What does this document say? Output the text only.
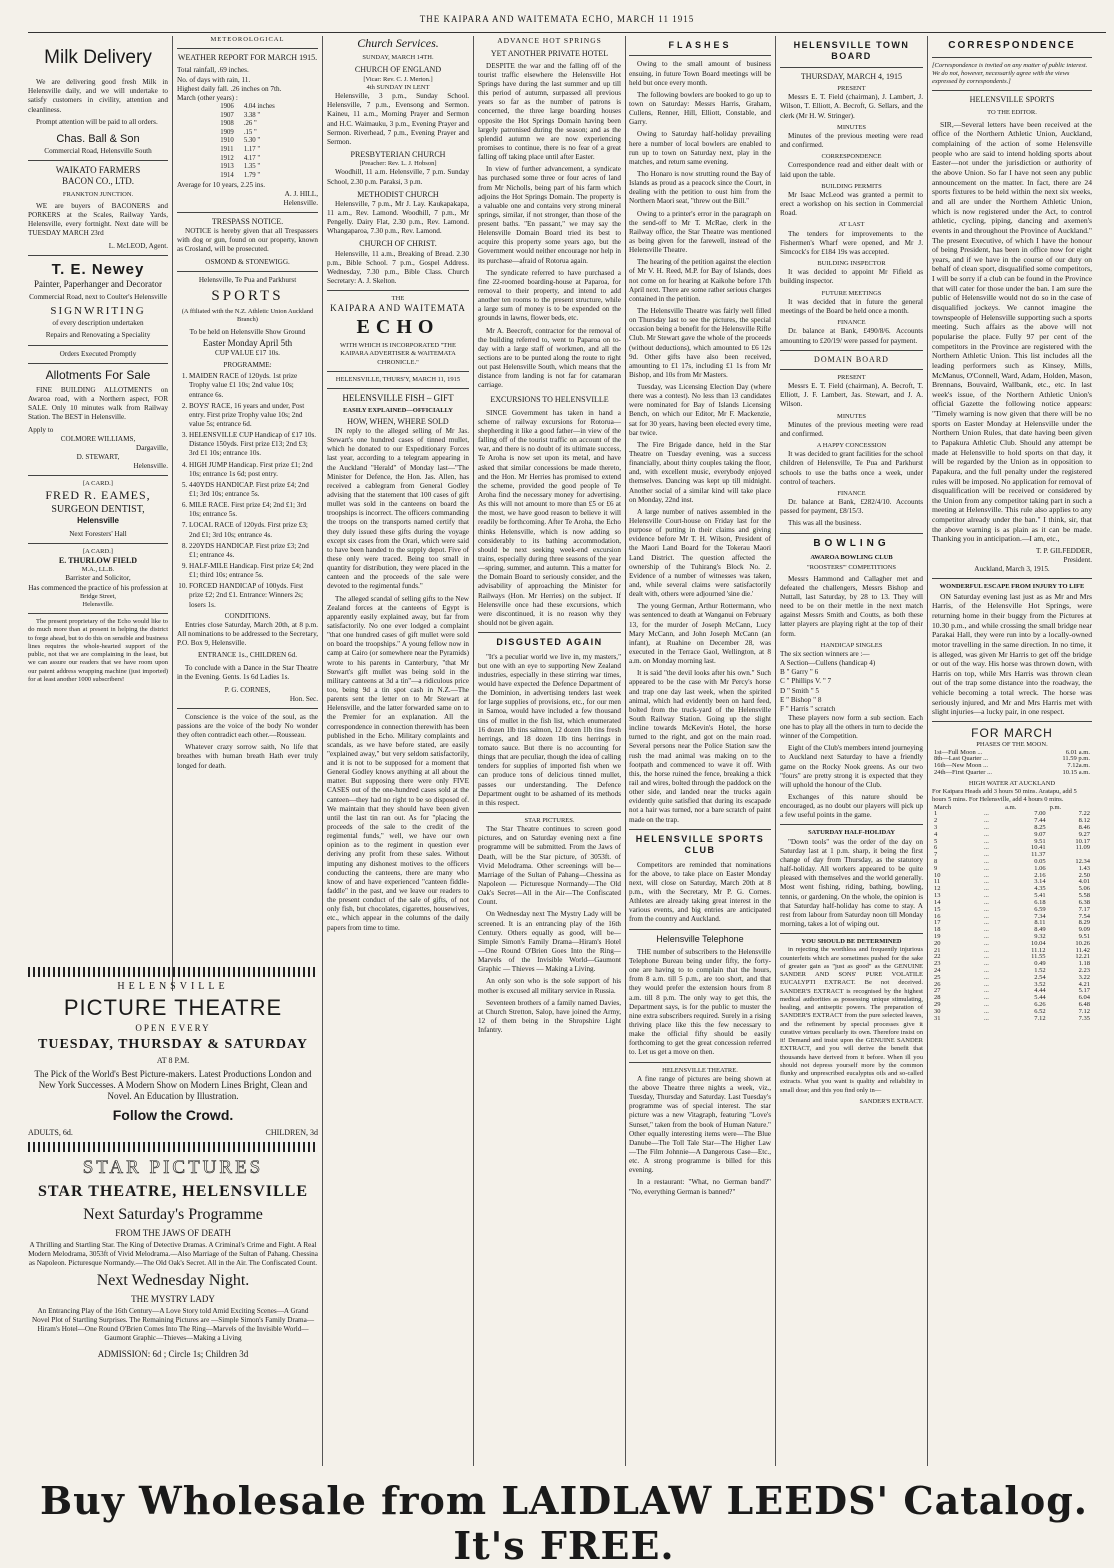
THE KAIPARA AND WAITEMATA ECHO, MARCH 11 1915
Milk Delivery

We are delivering good fresh Milk in Helensville daily, and we will undertake to satisfy customers in civility, attention and cleanliness.

Prompt attention will be paid to all orders.

Chas. Ball & Son
Commercial Road, Helensville South
WAIKATO FARMERS
BACON CO., LTD.
FRANKTON JUNCTION.

WE are buyers of BACONERS and PORKERS at the Scales, Railway Yards, Helensville, every fortnight. Next date will be TUESDAY MARCH 23rd

L. McLEOD, Agent.
T. E. Newey
Painter, Paperhanger and Decorator
Commercial Road, next to Coulter's Helensville
SIGNWRITING
of every description undertaken
Repairs and Renovating a Speciality
Orders Executed Promptly
Allotments For Sale

FINE BUILDING ALLOTMENTS on Awaroa road, with a Northern aspect, FOR SALE. Only 10 minutes walk from Railway Station. The BEST in Helensville.

Apply to
COLMORE WILLIAMS,
Dargaville,
D. STEWART,
Helensville.
[A CARD.]
FRED R. EAMES,
SURGEON DENTIST,
Helensville
Next Foresters' Hall
[A CARD.]
E. THURLOW FIELD
M.A., LL.B.
Barrister and Solicitor,
Has commenced the practice of his profession at
Bridge Street,
Helensville.

The present proprietary of the Echo would like to do much more than at present in helping the district to forge ahead, but to do this on sensible and business lines requires the whole-hearted support of the public, not that we are complaining in the least, but we can assure our readers that we have room upon our patent address wrapping machine (just imported) for at least another 1000 subscribers!

METEOROLOGICAL
WEATHER REPORT FOR MARCH 1915.
Total rainfall, .69 inches.
No. of days with rain, 11.
Highest daily fall. .26 inches on 7th.
March (other years) :
1906	4.04 inches
1907	3.38 "
1908	.26 "
1909	.15 "
1910	5.30 "
1911	1.17 "
1912	4.17 "
1913	1.35 "
1914	1.79 "
Average for 10 years, 2.25 ins.
A. J. HILL,
Helensville.
TRESPASS NOTICE.

NOTICE is hereby given that all Trespassers with dog or gun, found on our property, known as Crosland, will be prosecuted.

OSMOND & STONEWIGG.
Helensville, Te Pua and Parkhurst
SPORTS
(A ffiliated with the N.Z. Athletic Union Auckland Branch)
To be held on Helensville Show Ground
Easter Monday April 5th
CUP VALUE £17 10s.
PROGRAMME:
1. MAIDEN RACE of 120yds. 1st prize Trophy value £1 10s; 2nd value 10s; entrance 6s.
2. BOYS' RACE, 16 years and under, Post entry. First prize Trophy value 10s; 2nd value 5s; entrance 6d.
3. HELENSVILLE CUP Handicap of £17 10s. Distance 150yds. First prize £13; 2nd £3; 3rd £1 10s; entrance 10s.
4. HIGH JUMP Handicap. First prize £1; 2nd 10s; entrance 1s 6d; post entry.
5. 440YDS HANDICAP. First prize £4; 2nd £1; 3rd 10s; entrance 5s.
6. MILE RACE. First prize £4; 2nd £1; 3rd 10s; entrance 5s.
7. LOCAL RACE of 120yds. First prize £3; 2nd £1; 3rd 10s; entrance 4s.
8. 220YDS HANDICAP. First prize £3; 2nd £1; entrance 4s.
9. HALF-MILE Handicap. First prize £4; 2nd £1; third 10s; entrance 5s.
10. FORCED HANDICAP of 100yds. First prize £2; 2nd £1. Entrance: Winners 2s; losers 1s.
CONDITIONS.

Entries close Saturday, March 20th, at 8 p.m. All nominations to be addressed to the Secretary, P.O. Box 9, Helensville.

ENTRANCE 1s., CHILDREN 6d.

To conclude with a Dance in the Star Theatre in the Evening. Gents. 1s 6d Ladies 1s.

P. G. CORNES,
Hon. Sec.

Conscience is the voice of the soul, as the passions are the voice of the body No wonder they often contradict each other.—Rousseau.

Whatever crazy sorrow saith, No life that breathes with human breath Hath ever truly longed for death.

Church Services.
SUNDAY, MARCH 14TH.
CHURCH OF ENGLAND
[Vicar: Rev. C. J. Merton.]
4th SUNDAY IN LENT

Helensville, 3 p.m., Sunday School. Helensville, 7 p.m., Evensong and Sermon. Kaineu, 11 a.m., Morning Prayer and Sermon and H.C. Waimauku, 3 p.m., Evening Prayer and Sermon. Riverhead, 7 p.m., Evening Prayer and Sermon.

PRESBYTERIAN CHURCH
[Preacher: Rev. L. J. Hobson]

Woodhill, 11 a.m. Helensville, 7 p.m. Sunday School, 2.30 p.m. Paraksi, 3 p.m.

METHODIST CHURCH

Helensville, 7 p.m., Mr J. Lay. Kaukapakapa, 11 a.m., Rev. Lamond. Woodhill, 7 p.m., Mr Pengelly. Dairy Flat, 2.30 p.m., Rev. Lamond. Whangaparoa, 7.30 p.m., Rev. Lamond.

CHURCH OF CHRIST.

Helensville, 11 a.m., Breaking of Bread. 2.30 p.m., Bible School. 7 p.m., Gospel Address. Wednesday, 7.30 p.m., Bible Class. Church Secretary: A. J. Skelton.

THE
KAIPARA AND WAITEMATA
ECHO
WITH WHICH IS INCORPORATED "THE KAIPARA ADVERTISER & WAITEMATA CHRONICLE."
HELENSVILLE, THURS'Y, MARCH 11, 1915
HELENSVILLE FISH – GIFT
EASILY EXPLAINED—OFFICIALLY
HOW, WHEN, WHERE SOLD

IN reply to the alleged selling of Mr Jas. Stewart's one hundred cases of tinned mullet, which he donated to our Expeditionary Forces last year, according to a telegram appearing in the Auckland "Herald" of Monday last—"The Minister for Defence, the Hon. Jas. Allen, has received a cablegram from General Godley advising that the statement that 100 cases of gift mullet was sold in the canteens on board the troopships is incorrect. The officers commanding the troops on the transports named certify that they duly issued these gifts during the voyage except six cases from the Orari, which were said to have been handed to the supply depot. Five of these only were traced. Being too small in quantity for distribution, they were placed in the canteen and the proceeds of the sale were devoted to the regimental funds."

The alleged scandal of selling gifts to the New Zealand forces at the canteens of Egypt is apparently easily explained away, but far from satisfactorily. No one ever lodged a complaint "that one hundred cases of gift mullet were sold on board the troopships." A young fellow now in camp at Cairo (or somewhere near the Pyramids) wrote to his parents in Canterbury, "that Mr Stewart's gift mullet was being sold in the military canteens at 3d a tin"—a ridiculous price too, being 9d a tin spot cash in N.Z.—The parents sent the letter on to Mr Stewart at Helensville, and the latter forwarded same on to the Premier for an explanation. All the correspondence in connection therewith has been published in the Echo. Military complaints and scandals, as we have before stated, are easily "explained away," but very seldom satisfactorily, and it is not to be supposed for a moment that General Godley knows anything at all about the matter. But supposing there were only FIVE CASES out of the one-hundred cases sold at the canteen—they had no right to be so disposed of. We maintain that they should have been given until the last tin ran out. As for "placing the proceeds of the sale to the credit of the regimental funds," well, we have our own opinion as to the regiment in question ever deriving any profit from these sales. Without imputing any dishonest motives to the officers conducting the canteens, there are many who know of and have experienced "canteen fiddle-faddle" in the past, and we leave our readers to the present conduct of the sale of gifts, of not only fish, but chocolates, cigarettes, housewives, etc., which appear in the columns of the daily papers from time to time.

ADVANCE HOT SPRINGS
YET ANOTHER PRIVATE HOTEL

DESPITE the war and the falling off of the tourist traffic elsewhere the Helensville Hot Springs have during the last summer and up till this period of autumn, surpassed all previous years so far as the number of patrons is concerned, the three large boarding houses opposite the Hot Springs Domain having been largely patronised during the season; and as the splendid autumn we are now experiencing promises to continue, there is no fear of a great falling off taking place until after Easter.

In view of further advancement, a syndicate has purchased some three or four acres of land from Mr Nicholls, being part of his farm which adjoins the Hot Springs Domain. The property is a valuable one and contains very strong mineral springs, similar, if not stronger, than those of the present baths. "En passant," we may say the Helensville Domain Board tried its best to acquire this property some years ago, but the Government would neither encourage nor help in its purchase—afraid of Rotorua again.

The syndicate referred to have purchased a fine 22-roomed boarding-house at Paparoa, for removal to their property, and intend to add another ten rooms to the present structure, while a large sum of money is to be expended on the grounds in lawns, flower beds, etc.

Mr A. Beecroft, contractor for the removal of the building referred to, went to Paparoa on to-day with a large staff of workmen, and all the sections are to be punted along the route to right out past Helensville South, which means that the distance from landing is not far for catamaran carriage.

EXCURSIONS TO HELENSVILLE

SINCE Government has taken in hand a scheme of railway excursions for Rotorua—shepherding it like a good father—in view of the falling off of the tourist traffic on account of the war, and there is no doubt of its ultimate success, Te Aroha is now set upon its metal, and have asked that similar concessions be made thereto, and the Hon. Mr Herries has promised to extend the scheme, provided the good people of Te Aroha find the necessary money for advertising. As this will not amount to more than £5 or £6 at the most, we have good reason to believe it will readily be forthcoming. After Te Aroha, the Echo thinks Helensville, which is now adding so considerably to its bathing accommodation, should be next seeking week-end excursion trains, especially during three seasons of the year—spring, summer, and autumn. This a matter for the Domain Board to seriously consider, and the advisability of approaching the Minister for Railways (Hon. Mr Herries) on the subject. If Helensville once had these excursions, which were discontinued, it is no reason why they should not be given again.

DISGUSTED AGAIN

"It's a peculiar world we live in, my masters," but one with an eye to supporting New Zealand industries, especially in these stirring war times, would have expected the Defence Department of the Dominion, in advertising tenders last week for large supplies of provisions, etc., for our men in Samoa, would have included a few thousand tins of mullet in the fish list, which enumerated 16 dozen 1lb tins salmon, 12 dozen 1lb tins fresh herrings, and 18 dozen 1lb tins herrings in tomato sauce. But there is no accounting for things that are peculiar, though the idea of calling tenders for supplies of imported fish when we can produce tons of delicious tinned mullet, passes our understanding. The Defence Department ought to be ashamed of its methods in this respect.

STAR PICTURES.

The Star Theatre continues to screen good pictures, and on Saturday evening next a fine programme will be submitted. From the Jaws of Death, will be the Star picture, of 3053ft. of Vivid Melodrama. Other screenings will be—Marriage of the Sultan of Pahang—Chessina as Napoleon — Picturesque Normandy—The Old Oak's Secret—All in the Air—The Confiscated Count.

On Wednesday next The Mystry Lady will be screened. It is an entrancing play of the 16th Century. Others equally as good, will be—Simple Simon's Family Drama—Hiram's Hotel—One Round O'Brien Goes Into the Ring—Marvels of the Invisible World—Gaumont Graphic — Thieves — Making a Living.

An only son who is the sole support of his mother is excused all military service in Russia.

Seventeen brothers of a family named Davies, at Church Stretton, Salop, have joined the Army, 12 of them being in the Shropshire Light Infantry.

FLASHES

Owing to the small amount of business ensuing, in future Town Board meetings will be held but once every month.

The following bowlers are booked to go up to town on Saturday: Messrs Harris, Graham, Cullens, Renner, Hill, Elliott, Constable, and Garry.

Owing to Saturday half-holiday prevailing here a number of local bowlers are enabled to run up to town on Saturday next, play in the matches, and return same evening.

Tho Honaro is now strutting round the Bay of Islands as proud as a peacock since the Court, in dealing with the petition to oust him from the Northern Maori seat, "threw out the Bill."

Owing to a printer's error in the paragraph on the send-off to Mr T. McRae, clerk in the Railway office, the Star Theatre was mentioned as being given for the farewell, instead of the Helensville Theatre.

The hearing of the petition against the election of Mr V. H. Reed, M.P. for Bay of Islands, does not come on for hearing at Kaikohe before 17th April next. There are some rather serious charges contained in the petition.

The Helensville Theatre was fairly well filled on Thursday last to see the pictures, the special occasion being a benefit for the Helensville Rifle Club. Mr Stewart gave the whole of the proceeds (without deductions), which amounted to £6 12s 9d. Other gifts have also been received, amounting to £1 17s, including £1 1s from Mr Bishop, and 10s from Mr Masters.

Tuesday, was Licensing Election Day (where there was a contest). No less than 13 candidates were nominated for Bay of Islands Licensing Bench, on which our Editor, Mr F. Mackenzie, sat for 30 years, having been elected every time, bar twice.

The Fire Brigade dance, held in the Star Theatre on Tuesday evening, was a success financially, about thirty couples taking the floor, and, with excellent music, everybody enjoyed themselves. Dancing was kept up till midnight. Another social of a similar kind will take place on Monday, 22nd inst.

A large number of natives assembled in the Helensville Court-house on Friday last for the purpose of putting in their claims and giving evidence before Mr T. H. Wilson, President of the Maori Land Board for the Tokerau Maori Land District. The question affected the ownership of the Tuhirang's Block No. 2. Evidence of a number of witnesses was taken, and, while several claims were satisfactorily dealt with, others were adjourned 'sine die.'

The young German, Arthur Rottermann, who was sentenced to death at Wanganui on February 13, for the murder of Joseph McCann, Lucy Mary McCann, and John Joseph McCann (an infant), at Ruahine on December 28, was executed in the Terrace Gaol, Wellington, at 8 a.m. on Monday morning last.

It is said "the devil looks after his own." Such appeared to be the case with Mr Percy's horse and trap one day last week, when the spirited animal, which had evidently been on hard feed, bolted from the truck-yard of the Helensville South Railway Station. Going up the slight incline towards McKevin's Hotel, the horse turned to the right, and got on the main road. Several persons near the Police Station saw the rush the mad animal was making on to the footpath and commenced to wave it off. With this, the horse ruined the fence, breaking a thick rail and wires, bolted through the paddock on the other side, and landed near the trucks again evidently quite satisfied that during its escapade not a hair was turned, nor a bare scratch of paint made on the trap.

HELENSVILLE SPORTS CLUB

Competitors are reminded that nominations for the above, to take place on Easter Monday next, will close on Saturday, March 20th at 8 p.m., with the Secretary, Mr P. G. Cornes. Athletes are already taking great interest in the various events, and big entries are anticipated from the country and Auckland.

Helensville Telephone

THE number of subscribers to the Helensville Telephone Bureau being under fifty, the forty-one are having to to complain that the hours, from 8 a.m. till 5 p.m., are too short, and that they would prefer the extension hours from 8 a.m. till 8 p.m. The only way to get this, the Department says, is for the public to muster the nine extra subscribers required. Surely in a rising thriving place like this the few necessary to make the official fifty should be easily forthcoming to get the great concession referred to. Let us get a move on then.

HELENSVILLE THEATRE.

A fine range of pictures are being shown at the above Theatre three nights a week, viz., Tuesday, Thursday and Saturday. Last Tuesday's programme was of special interest. The star picture was a new Vitagraph, featuring "Love's Sunset," taken from the book of Human Nature." Other equally interesting items were—The Blue Danube—The Toll Tale Star—The Higher Law—The Film Johnnie—A Dangerous Case—Etc., etc. A strong programme is billed for this evening.

In a restaurant: "What, no German band?" "No, everything German is banned?"

HELENSVILLE TOWN BOARD
THURSDAY, MARCH 4, 1915
PRESENT

Messrs E. T. Field (chairman), J. Lambert, J. Wilson, T. Elliott, A. Becroft, G. Sellars, and the clerk (Mr H. W. Stringer).

MINUTES

Minutes of the previous meeting were read and confirmed.

CORRESPONDENCE

Correspondence read and either dealt with or laid upon the table.

BUILDING PERMITS

Mr Isaac McLeod was granted a permit to erect a workshop on his section in Commercial Road.

AT LAST

The tenders for improvements to the Fishermen's Wharf were opened, and Mr J. Simcock's for £184 19s was accepted.

BUILDING INSPECTOR

It was decided to appoint Mr Fifield as building inspector.

FUTURE MEETINGS

It was decided that in future the general meetings of the Board be held once a month.

FINANCE

Dr. balance at Bank, £490/8/6. Accounts amounting to £20/19/ were passed for payment.

DOMAIN BOARD
PRESENT

Messrs E. T. Field (chairman), A. Becroft, T. Elliott, J. F. Lambert, Jas. Stewart, and J. A. Wilson.

MINUTES

Minutes of the previous meeting were read and confirmed.

A HAPPY CONCESSION

It was decided to grant facilities for the school children of Helensville, Te Pua and Parkhurst schools to use the baths once a week, under control of teachers.

FINANCE

Dr. balance at Bank, £282/4/10. Accounts passed for payment, £8/15/3.

This was all the business.

BOWLING
AWAROA BOWLING CLUB
"ROOSTERS'" COMPETITIONS

Messrs Hammond and Callagher met and defeated the challengers, Messrs Bishop and Nuttall, last Saturday, by 28 to 13. They will need to be on their mettle in the next match against Messrs Smith and Coutts, as both these latter players are playing right at the top of their form.

HANDICAP SINGLES
The six section winners are :—
A Section—Cullens (handicap 4)
B " Garry " 6
C " Phillips V. " 7
D " Smith " 5
E " Bishop " 8
F " Harris " scratch

These players now form a sub section. Each one has to play all the others in turn to decide the winner of the Competition.

Eight of the Club's members intend journeying to Auckland next Saturday to have a friendly game on the Rocky Nook greens. As our two "fours" are pretty strong it is expected that they will uphold the honour of the Club.

Exchanges of this nature should be encouraged, as no doubt our players will pick up a few useful points in the game.

SATURDAY HALF-HOLIDAY

"Down tools" was the order of the day on Saturday last at 1 p.m. sharp, it being the first change of day from Thursday, as the statutory half-holiday. All workers appeared to be quite pleased with themselves and the world generally. Most went fishing, riding, bathing, bowling, tennis, or gardening. On the whole, the opinion is that Saturday half-holiday has come to stay. A rest from labour from Saturday noon till Monday morning, takes a lot of wiping out.

YOU SHOULD BE DETERMINED

in rejecting the worthless and frequently injurious counterfeits which are sometimes pushed for the sake of greater gain as "just as good" as the GENUINE SANDER AND SONS' PURE VOLATILE EUCALYPTI EXTRACT. Be not deceived. SANDER'S EXTRACT is recognised by the highest medical authorities as possessing unique stimulating, healing, and antiseptic powers. The preparation of SANDER'S EXTRACT from the pure selected leaves, and the refinement by special processes give it curative virtues peculiarly its own. Therefore insist on it! Demand and insist upon the GENUINE SANDER EXTRACT, and you will derive the benefit that thousands have derived from it before. When ill you should not depress yourself more by the common flunky and unprescribed eucalyptus oils and so-called extracts. What you want is quality and reliability in small dose; and this you find only in—

SANDER'S EXTRACT.
CORRESPONDENCE
[Correspondence is invited on any matter of public interest. We do not, however, necessarily agree with the views expressed by correspondents.]
HELENSVILLE SPORTS
TO THE EDITOR.

SIR,—Several letters have been received at the office of the Northern Athletic Union, Auckland, complaining of the action of some Helensville people who are said to intend holding sports about Easter—not under the jurisdiction or authority of the above Union. So far I have not seen any public announcement on the matter. In fact, there are 24 sports fixtures to be held within the next six weeks, and all are under the Northern Athletic Union, which is now registered under the Act, to control athletic, cycling, piping, dancing and axemen's events in and throughout the Province of Auckland." The present Executive, of which I have the honour of being President, has been in office now for eight years, and if we have in the course of our duty on behalf of clean sport, disqualified some competitors, I will be sorry if a club can be found in the Province that will cater for those under the ban. I am sure the public of Helensville would not do so in the case of disqualified jockeys. We cannot imagine the townspeople of Helensville supporting such a sports meeting. Such affairs as the above will not popularise the place. Fully 97 per cent of the competitors in the Province are registered with the Northern Athletic Union. This list includes all the leading performers such as Kinsey, Mills, McManus, O'Connell, Ward, Adam, Holden, Mason, Brennans, Bouvaird, Wallbank, etc., etc. In last week's issue, of the Northern Athletic Union's official Gazette the following notice appears: "Timely warning is now given that there will be no sports on Easter Monday at Helensville under the Northern Union Rules, that date having been given to Papakura Athletic Club. Should any attempt be made at Helensville to hold sports on that day, it will be regarded by the Union as in opposition to Papakura, and the full penalty under the registered rules will be imposed. No application for removal of disqualification will be received or considered by the Union from any competitor taking part in such a meeting at Helensville. This rule also applies to any competitor already under the ban." I think, sir, that the above warning is as plain as it can be made. Thanking you in anticipation.—I am, etc.,

T. P. GILFEDDER,
President.
Auckland, March 3, 1915.
WONDERFUL ESCAPE FROM INJURY TO LIFE

ON Saturday evening last just as as Mr and Mrs Harris, of the Helensville Hot Springs, were returning home in their buggy from the Pictures at 10.30 p.m., and while crossing the small bridge near Parakai Hall, they were run into by a locally-owned motor travelling in the same direction. In no time, it is alleged, was given Mr Harris to get off the bridge or out of the way. His horse was thrown down, with Harris on top, while Mrs Harris was thrown clean out of the trap some distance into the roadway, the vehicle becoming a total wreck. The horse was seriously injured, and Mr and Mrs Harris met with slight injuries—a lucky pair, in one respect.

FOR MARCH
PHASES OF THE MOON.
1st—Full Moon ...	6.01 a.m.
8th—Last Quarter ...	11.59 p.m.
16th—New Moon ...	7.12a.m.
24th—First Quarter ...	10.15 a.m.
HIGH WATER AT AUCKLAND
For Kaipara Heads add 3 hours 50 mins. Aratapu, add 5 hours 5 mins. For Helensville, add 4 hours 0 mins.
March		a.m.	p.m.
1	...	7.00	7.22
2	...	7.44	8.12
3	...	8.25	8.46
4	...	9.07	9.27
5	...	9.51	10.17
6	...	10.41	11.09
7	...	11.37	
8	...	0.05	12.34
9	...	1.06	1.43
10	...	2.16	2.50
11	...	3.14	4.01
12	...	4.35	5.06
13	...	5.41	5.58
14	...	6.18	6.38
15	...	6.59	7.17
16	...	7.34	7.54
17	...	8.11	8.29
18	...	8.49	9.09
19	...	9.32	9.51
20	...	10.04	10.26
21	...	11.12	11.42
22	...	11.55	12.21
23	...	0.49	1.18
24	...	1.52	2.23
25	...	2.54	3.22
26	...	3.52	4.21
27	...	4.44	5.17
28	...	5.44	6.04
29	...	6.26	6.48
30	...	6.52	7.12
31	...	7.12	7.35
HELENSVILLE
PICTURE THEATRE
OPEN EVERY
TUESDAY, THURSDAY & SATURDAY
AT 8 P.M.
The Pick of the World's Best Picture-makers. Latest Productions London and New York Successes. A Modern Show on Modern Lines Bright, Clean and Novel. An Education by Illustration.
Follow the Crowd.
ADULTS, 6d.	CHILDREN, 3d
STAR PICTURES
STAR THEATRE, HELENSVILLE
Next Saturday's Programme
FROM THE JAWS OF DEATH
A Thrilling and Startling Star. The King of Detective Dramas. A Criminal's Crime and Fight. A Real Modern Melodrama, 3053ft of Vivid Melodrama.—Also Marriage of the Sultan of Pahang. Chessina as Napoleon. Picturesque Normandy.—The Old Oak's Secret. All in the Air. The Confiscated Count.
Next Wednesday Night.
THE MYSTRY LADY
An Entrancing Play of the 16th Century—A Love Story told Amid Exciting Scenes—A Grand Novel Plot of Startling Surprises. The Remaining Pictures are —Simple Simon's Family Drama—Hiram's Hotel—One Round O'Brien Comes Into The Ring—Marvels of the Invisible World—Gaumont Graphic—Thieves—Making a Living
ADMISSION: 6d ; Circle 1s; Children 3d
Buy Wholesale from LAIDLAW LEEDS' Catalog. It's FREE.
